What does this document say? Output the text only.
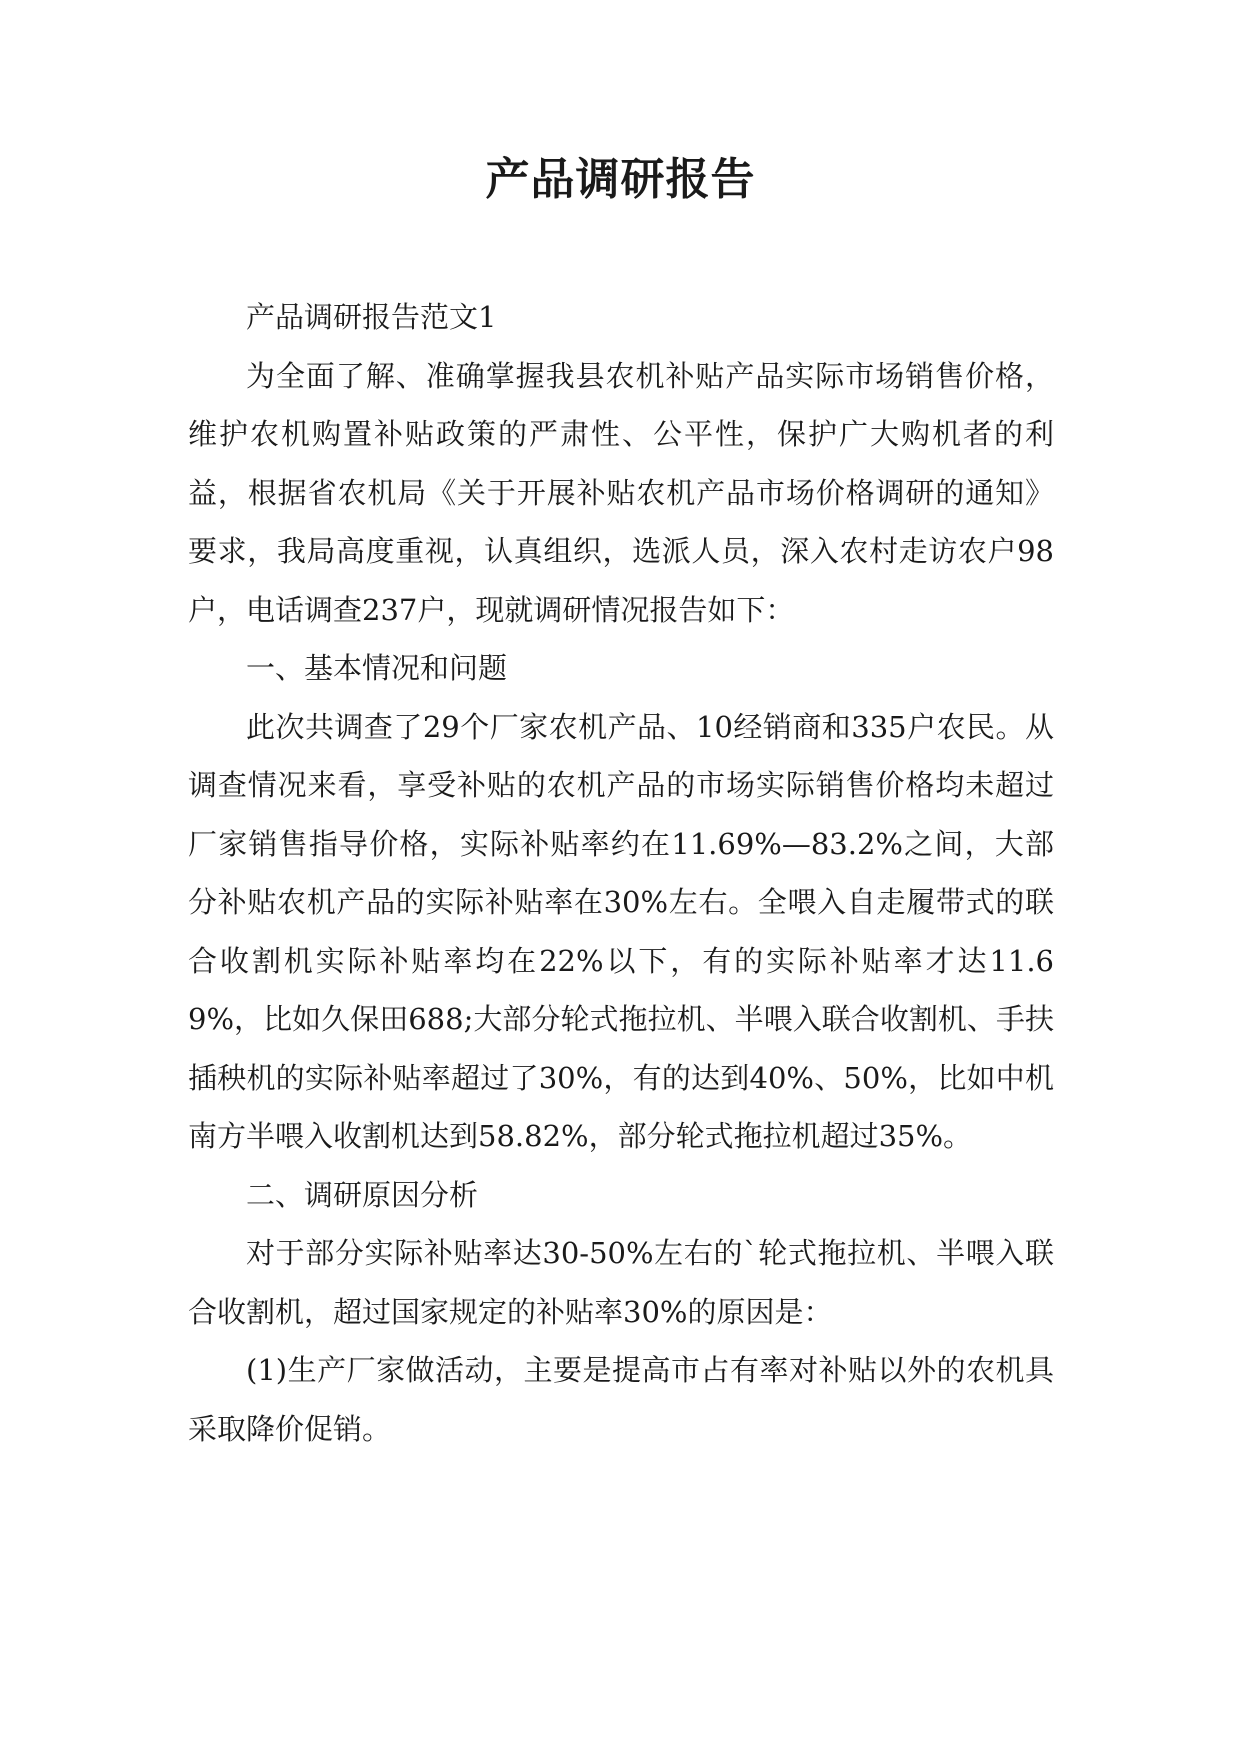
产品调研报告

产品调研报告范文1

为全面了解、准确掌握我县农机补贴产品实际市场销售价格，维护农机购置补贴政策的严肃性、公平性，保护广大购机者的利益，根据省农机局《关于开展补贴农机产品市场价格调研的通知》要求，我局高度重视，认真组织，选派人员，深入农村走访农户98户，电话调查237户，现就调研情况报告如下：

一、基本情况和问题

此次共调查了29个厂家农机产品、10经销商和335户农民。从调查情况来看，享受补贴的农机产品的市场实际销售价格均未超过厂家销售指导价格，实际补贴率约在11.69%—83.2%之间，大部分补贴农机产品的实际补贴率在30%左右。全喂入自走履带式的联合收割机实际补贴率均在22%以下，有的实际补贴率才达11.69%，比如久保田688;大部分轮式拖拉机、半喂入联合收割机、手扶插秧机的实际补贴率超过了30%，有的达到40%、50%，比如中机南方半喂入收割机达到58.82%，部分轮式拖拉机超过35%。

二、调研原因分析

对于部分实际补贴率达30-50%左右的`轮式拖拉机、半喂入联合收割机，超过国家规定的补贴率30%的原因是：

(1)生产厂家做活动，主要是提高市占有率对补贴以外的农机具采取降价促销。
